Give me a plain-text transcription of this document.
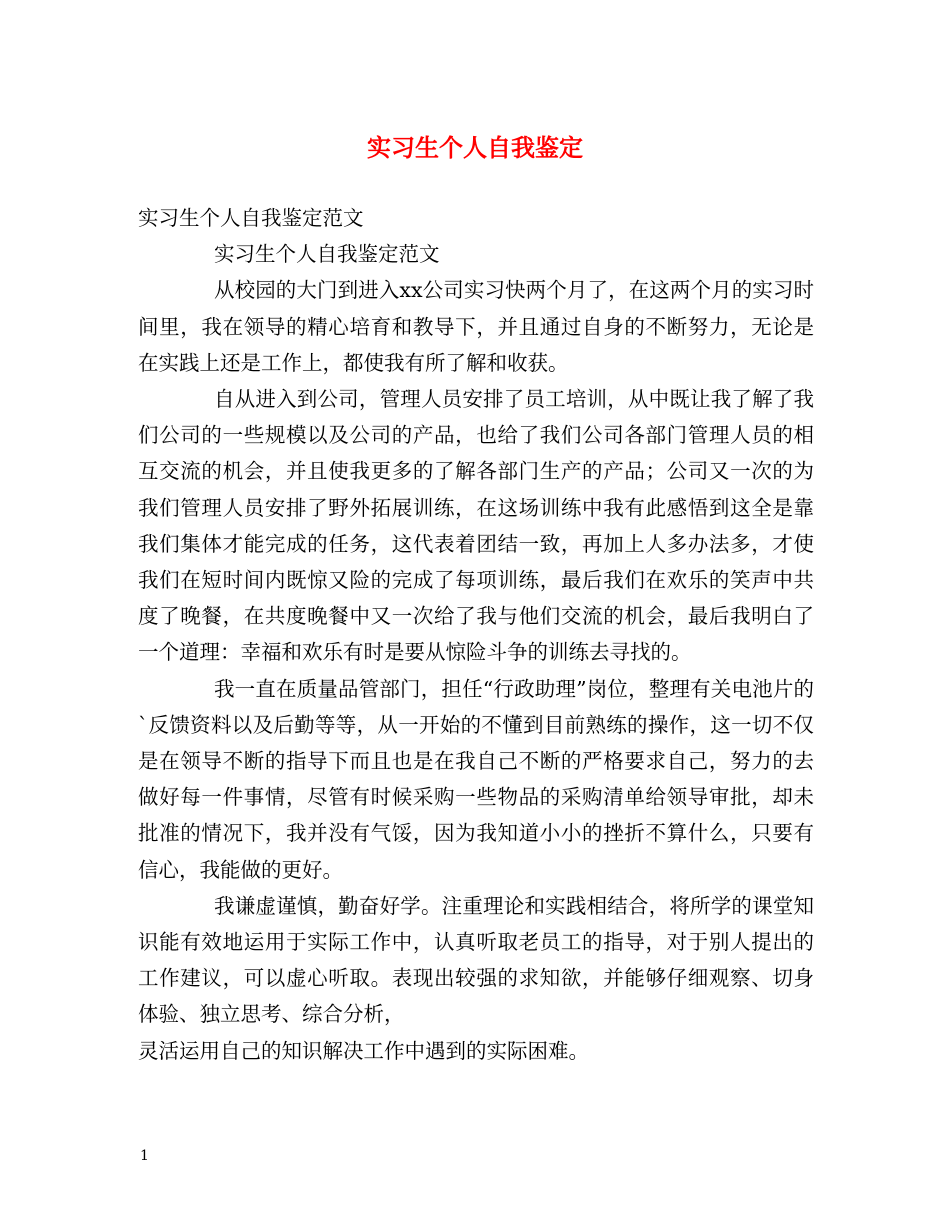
实习生个人自我鉴定

实习生个人自我鉴定范文

实习生个人自我鉴定范文

从校园的大门到进入xx公司实习快两个月了，在这两个月的实习时间里，我在领导的精心培育和教导下，并且通过自身的不断努力，无论是在实践上还是工作上，都使我有所了解和收获。

自从进入到公司，管理人员安排了员工培训，从中既让我了解了我们公司的一些规模以及公司的产品，也给了我们公司各部门管理人员的相互交流的机会，并且使我更多的了解各部门生产的产品；公司又一次的为我们管理人员安排了野外拓展训练，在这场训练中我有此感悟到这全是靠我们集体才能完成的任务，这代表着团结一致，再加上人多办法多，才使我们在短时间内既惊又险的完成了每项训练，最后我们在欢乐的笑声中共度了晚餐，在共度晚餐中又一次给了我与他们交流的机会，最后我明白了一个道理：幸福和欢乐有时是要从惊险斗争的训练去寻找的。

我一直在质量品管部门，担任“行政助理”岗位，整理有关电池片的`反馈资料以及后勤等等，从一开始的不懂到目前熟练的操作，这一切不仅是在领导不断的指导下而且也是在我自己不断的严格要求自己，努力的去做好每一件事情，尽管有时候采购一些物品的采购清单给领导审批，却未批准的情况下，我并没有气馁，因为我知道小小的挫折不算什么，只要有信心，我能做的更好。

我谦虚谨慎，勤奋好学。注重理论和实践相结合，将所学的课堂知识能有效地运用于实际工作中，认真听取老员工的指导，对于别人提出的工作建议，可以虚心听取。表现出较强的求知欲，并能够仔细观察、切身体验、独立思考、综合分析，

灵活运用自己的知识解决工作中遇到的实际困难。

1
